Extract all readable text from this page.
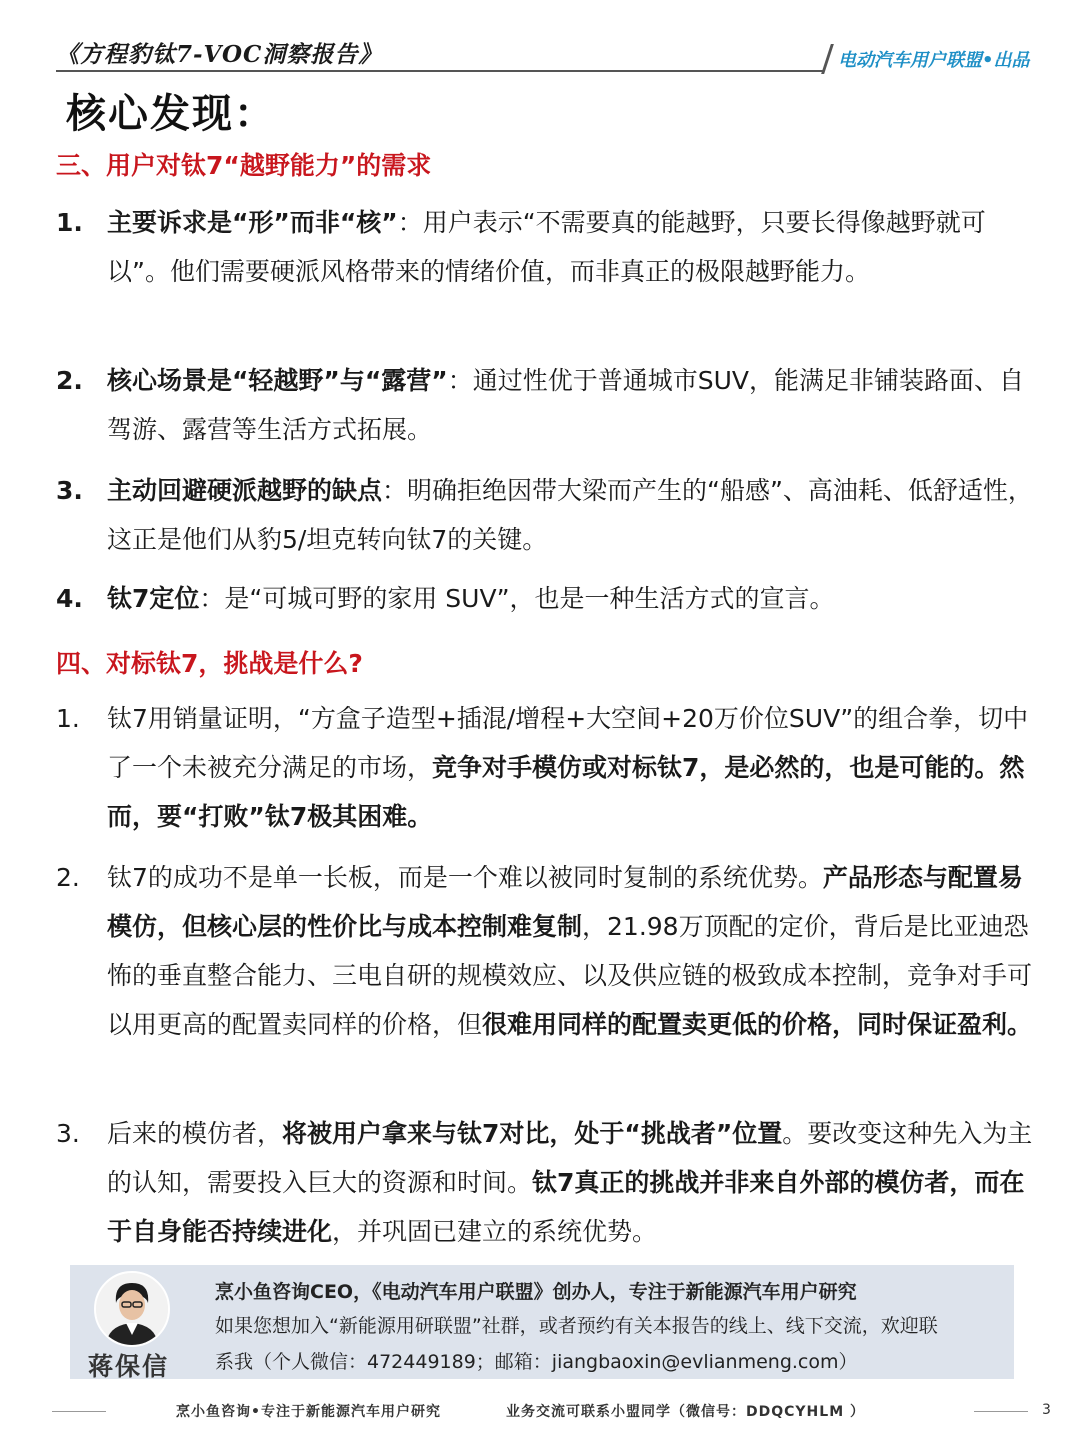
《方程豹钛7-VOC洞察报告》	电动汽车用户联盟•出品
核心发现：
三、用户对钛7“越野能力”的需求
1. 主要诉求是“形”而非“核”：用户表示“不需要真的能越野，只要长得像越野就可以”。他们需要硬派风格带来的情绪价值，而非真正的极限越野能力。
2. 核心场景是“轻越野”与“露营”：通过性优于普通城市SUV，能满足非铺装路面、自驾游、露营等生活方式拓展。
3. 主动回避硬派越野的缺点：明确拒绝因带大梁而产生的“船感”、高油耗、低舒适性，这正是他们从豹5/坦克转向钛7的关键。
4. 钛7定位：是“可城可野的家用 SUV”，也是一种生活方式的宣言。
四、对标钛7，挑战是什么?
1.	钛7用销量证明，“方盒子造型+插混/增程+大空间+20万价位SUV”的组合拳，切中了一个未被充分满足的市场，竞争对手模仿或对标钛7，是必然的，也是可能的。然而，要“打败”钛7极其困难。
2.	钛7的成功不是单一长板，而是一个难以被同时复制的系统优势。产品形态与配置易模仿，但核心层的性价比与成本控制难复制，21.98万顶配的定价，背后是比亚迪恐怖的垂直整合能力、三电自研的规模效应、以及供应链的极致成本控制，竞争对手可以用更高的配置卖同样的价格，但很难用同样的配置卖更低的价格，同时保证盈利。
3.	后来的模仿者，将被用户拿来与钛7对比，处于“挑战者”位置。要改变这种先入为主的认知，需要投入巨大的资源和时间。钛7真正的挑战并非来自外部的模仿者，而在于自身能否持续进化，并巩固已建立的系统优势。
蒋保信
烹小鱼咨询CEO，《电动汽车用户联盟》创办人，专注于新能源汽车用户研究
如果您想加入“新能源用研联盟”社群，或者预约有关本报告的线上、线下交流，欢迎联
系我（个人微信：472449189；邮箱：jiangbaoxin@evlianmeng.com）
烹小鱼咨询•专注于新能源汽车用户研究	业务交流可联系小盟同学（微信号：DDQCYHLM ）	3
